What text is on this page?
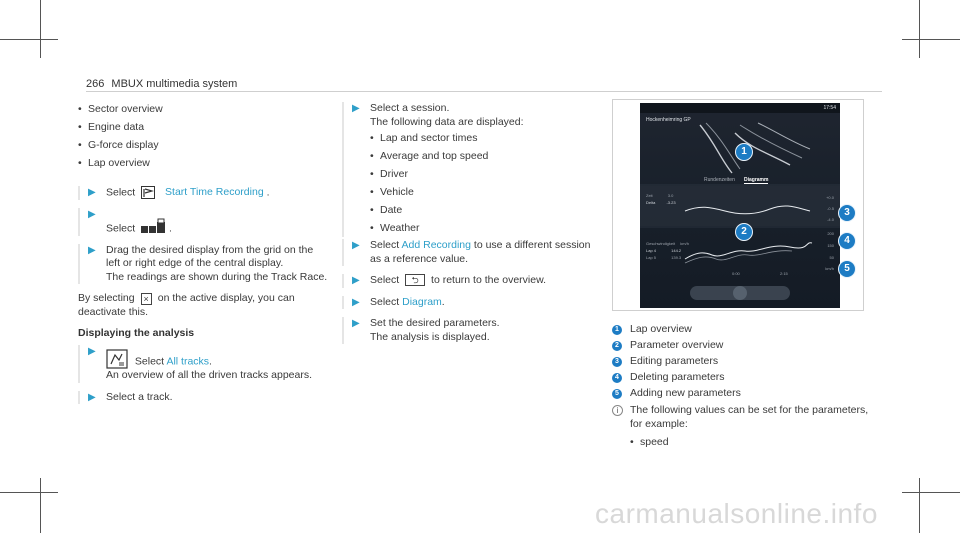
266 MBUX multimedia system
• Sector overview
• Engine data
• G-force display
• Lap overview
▶ Select	Start Time Recording .
▶
Select	.
▶ Drag the desired display from the grid on the left or right edge of the central display.
The readings are shown during the Track Race.
By selecting × on the active display, you can deactivate this.
Displaying the analysis
▶
Select All tracks.
An overview of all the driven tracks appears.
▶ Select a track.
▶ Select a session.
The following data are displayed:
• Lap and sector times
• Average and top speed
• Driver
• Vehicle
• Date
• Weather
▶ Select Add Recording to use a different session as a reference value.
▶ Select ⮌ to return to the overview.
▶ Select Diagram.
▶ Set the desired parameters.
The analysis is displayed.
Hockenheimring GP
17:54
Rundenzeiten Diagramm
Zeit	3.0
Delta	-3.23
Geschwindigkeit km/h
Lap 4	144.2
Lap 5	139.3
+0.0
-0.5
-4.0
200
150
50
km/h
0:00	2:15
1
2
3
4
5
1 Lap overview
2 Parameter overview
3 Editing parameters
4 Deleting parameters
5 Adding new parameters
i	The following values can be set for the parameters, for example:
• speed
carmanualsonline.info
